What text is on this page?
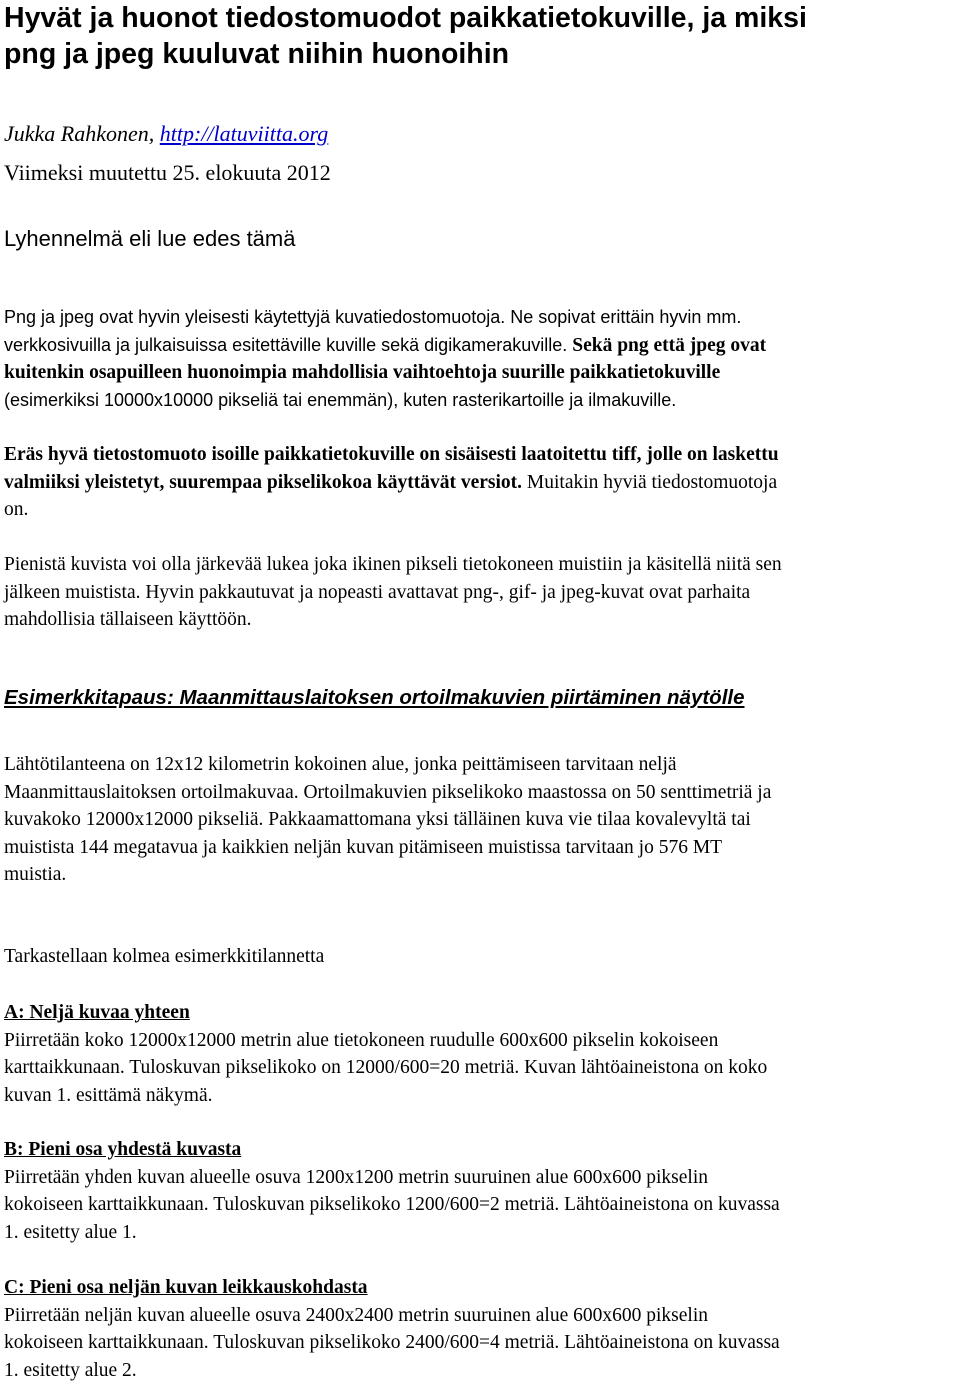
Hyvät ja huonot tiedostomuodot paikkatietokuville, ja miksi
png ja jpeg kuuluvat niihin huonoihin
Jukka Rahkonen, http://latuviitta.org
Viimeksi muutettu 25. elokuuta 2012
Lyhennelmä eli lue edes tämä

Png ja jpeg ovat hyvin yleisesti käytettyjä kuvatiedostomuotoja. Ne sopivat erittäin hyvin mm.
verkkosivuilla ja julkaisuissa esitettäville kuville sekä digikamerakuville. Sekä png että jpeg ovat
kuitenkin osapuilleen huonoimpia mahdollisia vaihtoehtoja suurille paikkatietokuville
(esimerkiksi 10000x10000 pikseliä tai enemmän), kuten rasterikartoille ja ilmakuville.

Eräs hyvä tietostomuoto isoille paikkatietokuville on sisäisesti laatoitettu tiff, jolle on laskettu
valmiiksi yleistetyt, suurempaa pikselikokoa käyttävät versiot. Muitakin hyviä tiedostomuotoja
on.

Pienistä kuvista voi olla järkevää lukea joka ikinen pikseli tietokoneen muistiin ja käsitellä niitä sen
jälkeen muistista. Hyvin pakkautuvat ja nopeasti avattavat png-, gif- ja jpeg-kuvat ovat parhaita
mahdollisia tällaiseen käyttöön.

Esimerkkitapaus: Maanmittauslaitoksen ortoilmakuvien piirtäminen näytölle

Lähtötilanteena on 12x12 kilometrin kokoinen alue, jonka peittämiseen tarvitaan neljä
Maanmittauslaitoksen ortoilmakuvaa. Ortoilmakuvien pikselikoko maastossa on 50 senttimetriä ja
kuvakoko 12000x12000 pikseliä. Pakkaamattomana yksi tälläinen kuva vie tilaa kovalevyltä tai
muistista 144 megatavua ja kaikkien neljän kuvan pitämiseen muistissa tarvitaan jo 576 MT
muistia.

Tarkastellaan kolmea esimerkkitilannetta

A: Neljä kuvaa yhteen
Piirretään koko 12000x12000 metrin alue tietokoneen ruudulle 600x600 pikselin kokoiseen
karttaikkunaan. Tuloskuvan pikselikoko on 12000/600=20 metriä. Kuvan lähtöaineistona on koko
kuvan 1. esittämä näkymä.

B: Pieni osa yhdestä kuvasta
Piirretään yhden kuvan alueelle osuva 1200x1200 metrin suuruinen alue 600x600 pikselin
kokoiseen karttaikkunaan. Tuloskuvan pikselikoko 1200/600=2 metriä. Lähtöaineistona on kuvassa
1. esitetty alue 1.

C: Pieni osa neljän kuvan leikkauskohdasta
Piirretään neljän kuvan alueelle osuva 2400x2400 metrin suuruinen alue 600x600 pikselin
kokoiseen karttaikkunaan. Tuloskuvan pikselikoko 2400/600=4 metriä. Lähtöaineistona on kuvassa
1. esitetty alue 2.
